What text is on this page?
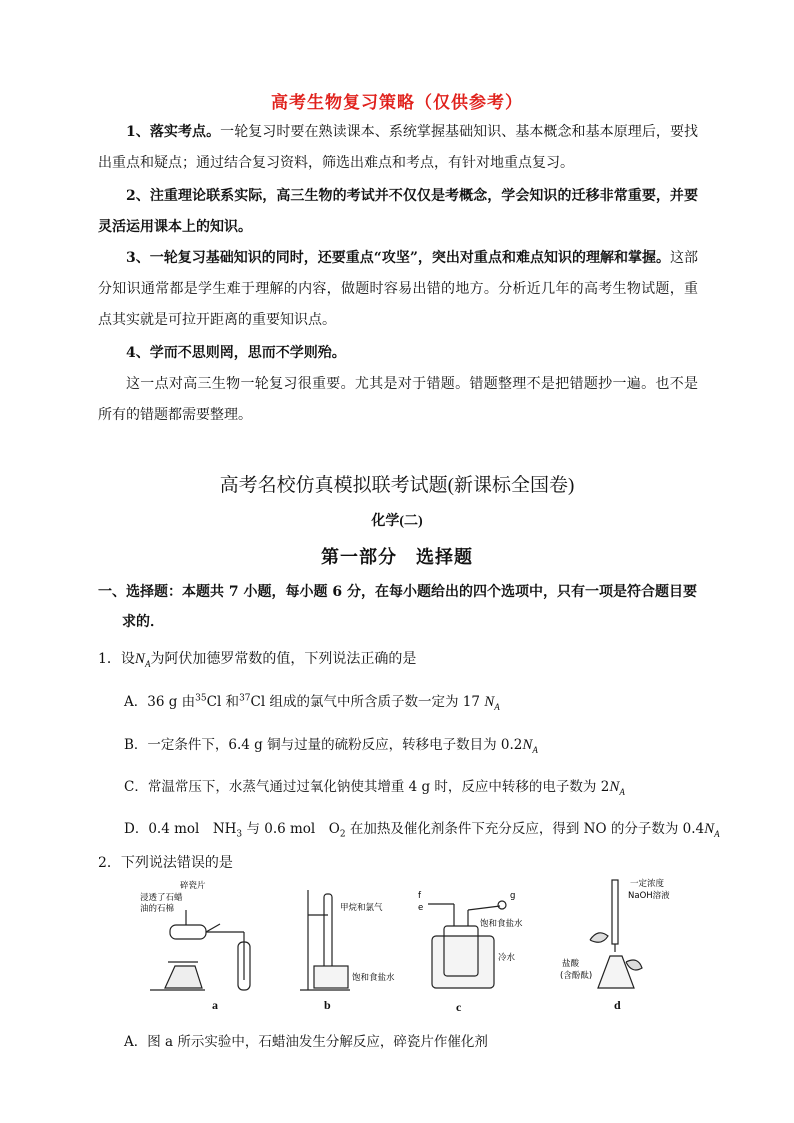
高考生物复习策略（仅供参考）

1、落实考点。一轮复习时要在熟读课本、系统掌握基础知识、基本概念和基本原理后，要找出重点和疑点；通过结合复习资料，筛选出难点和考点，有针对地重点复习。

2、注重理论联系实际，高三生物的考试并不仅仅是考概念，学会知识的迁移非常重要，并要灵活运用课本上的知识。

3、一轮复习基础知识的同时，还要重点“攻坚”，突出对重点和难点知识的理解和掌握。这部分知识通常都是学生难于理解的内容，做题时容易出错的地方。分析近几年的高考生物试题，重点其实就是可拉开距离的重要知识点。

4、学而不思则罔，思而不学则殆。

这一点对高三生物一轮复习很重要。尤其是对于错题。错题整理不是把错题抄一遍。也不是所有的错题都需要整理。

高考名校仿真模拟联考试题(新课标全国卷)
化学(二)
第一部分　选择题
一、选择题：本题共 7 小题，每小题 6 分，在每小题给出的四个选项中，只有一项是符合题目要
求的．
1．设$N_A$为阿伏加德罗常数的值，下列说法正确的是
A．36 g 由$^{35}$Cl 和$^{37}$Cl 组成的氯气中所含质子数一定为 17 $N_A$
B．一定条件下，6.4 g 铜与过量的硫粉反应，转移电子数目为 $0.2N_A$
C．常温常压下，水蒸气通过过氧化钠使其增重 4 g 时，反应中转移的电子数为 $2N_A$
D．0.4 mol　$NH_3$ 与 0.6 mol　$O_2$ 在加热及催化剂条件下充分反应，得到 NO 的分子数为 $0.4N_A$
2．下列说法错误的是
碎瓷片
浸透了石蜡
油的石棉
a
甲烷和氯气
饱和食盐水
b
f
e
g
饱和食盐水
冷水
c
一定浓度
NaOH溶液
盐酸
(含酚酞)
d
A．图 a 所示实验中，石蜡油发生分解反应，碎瓷片作催化剂
